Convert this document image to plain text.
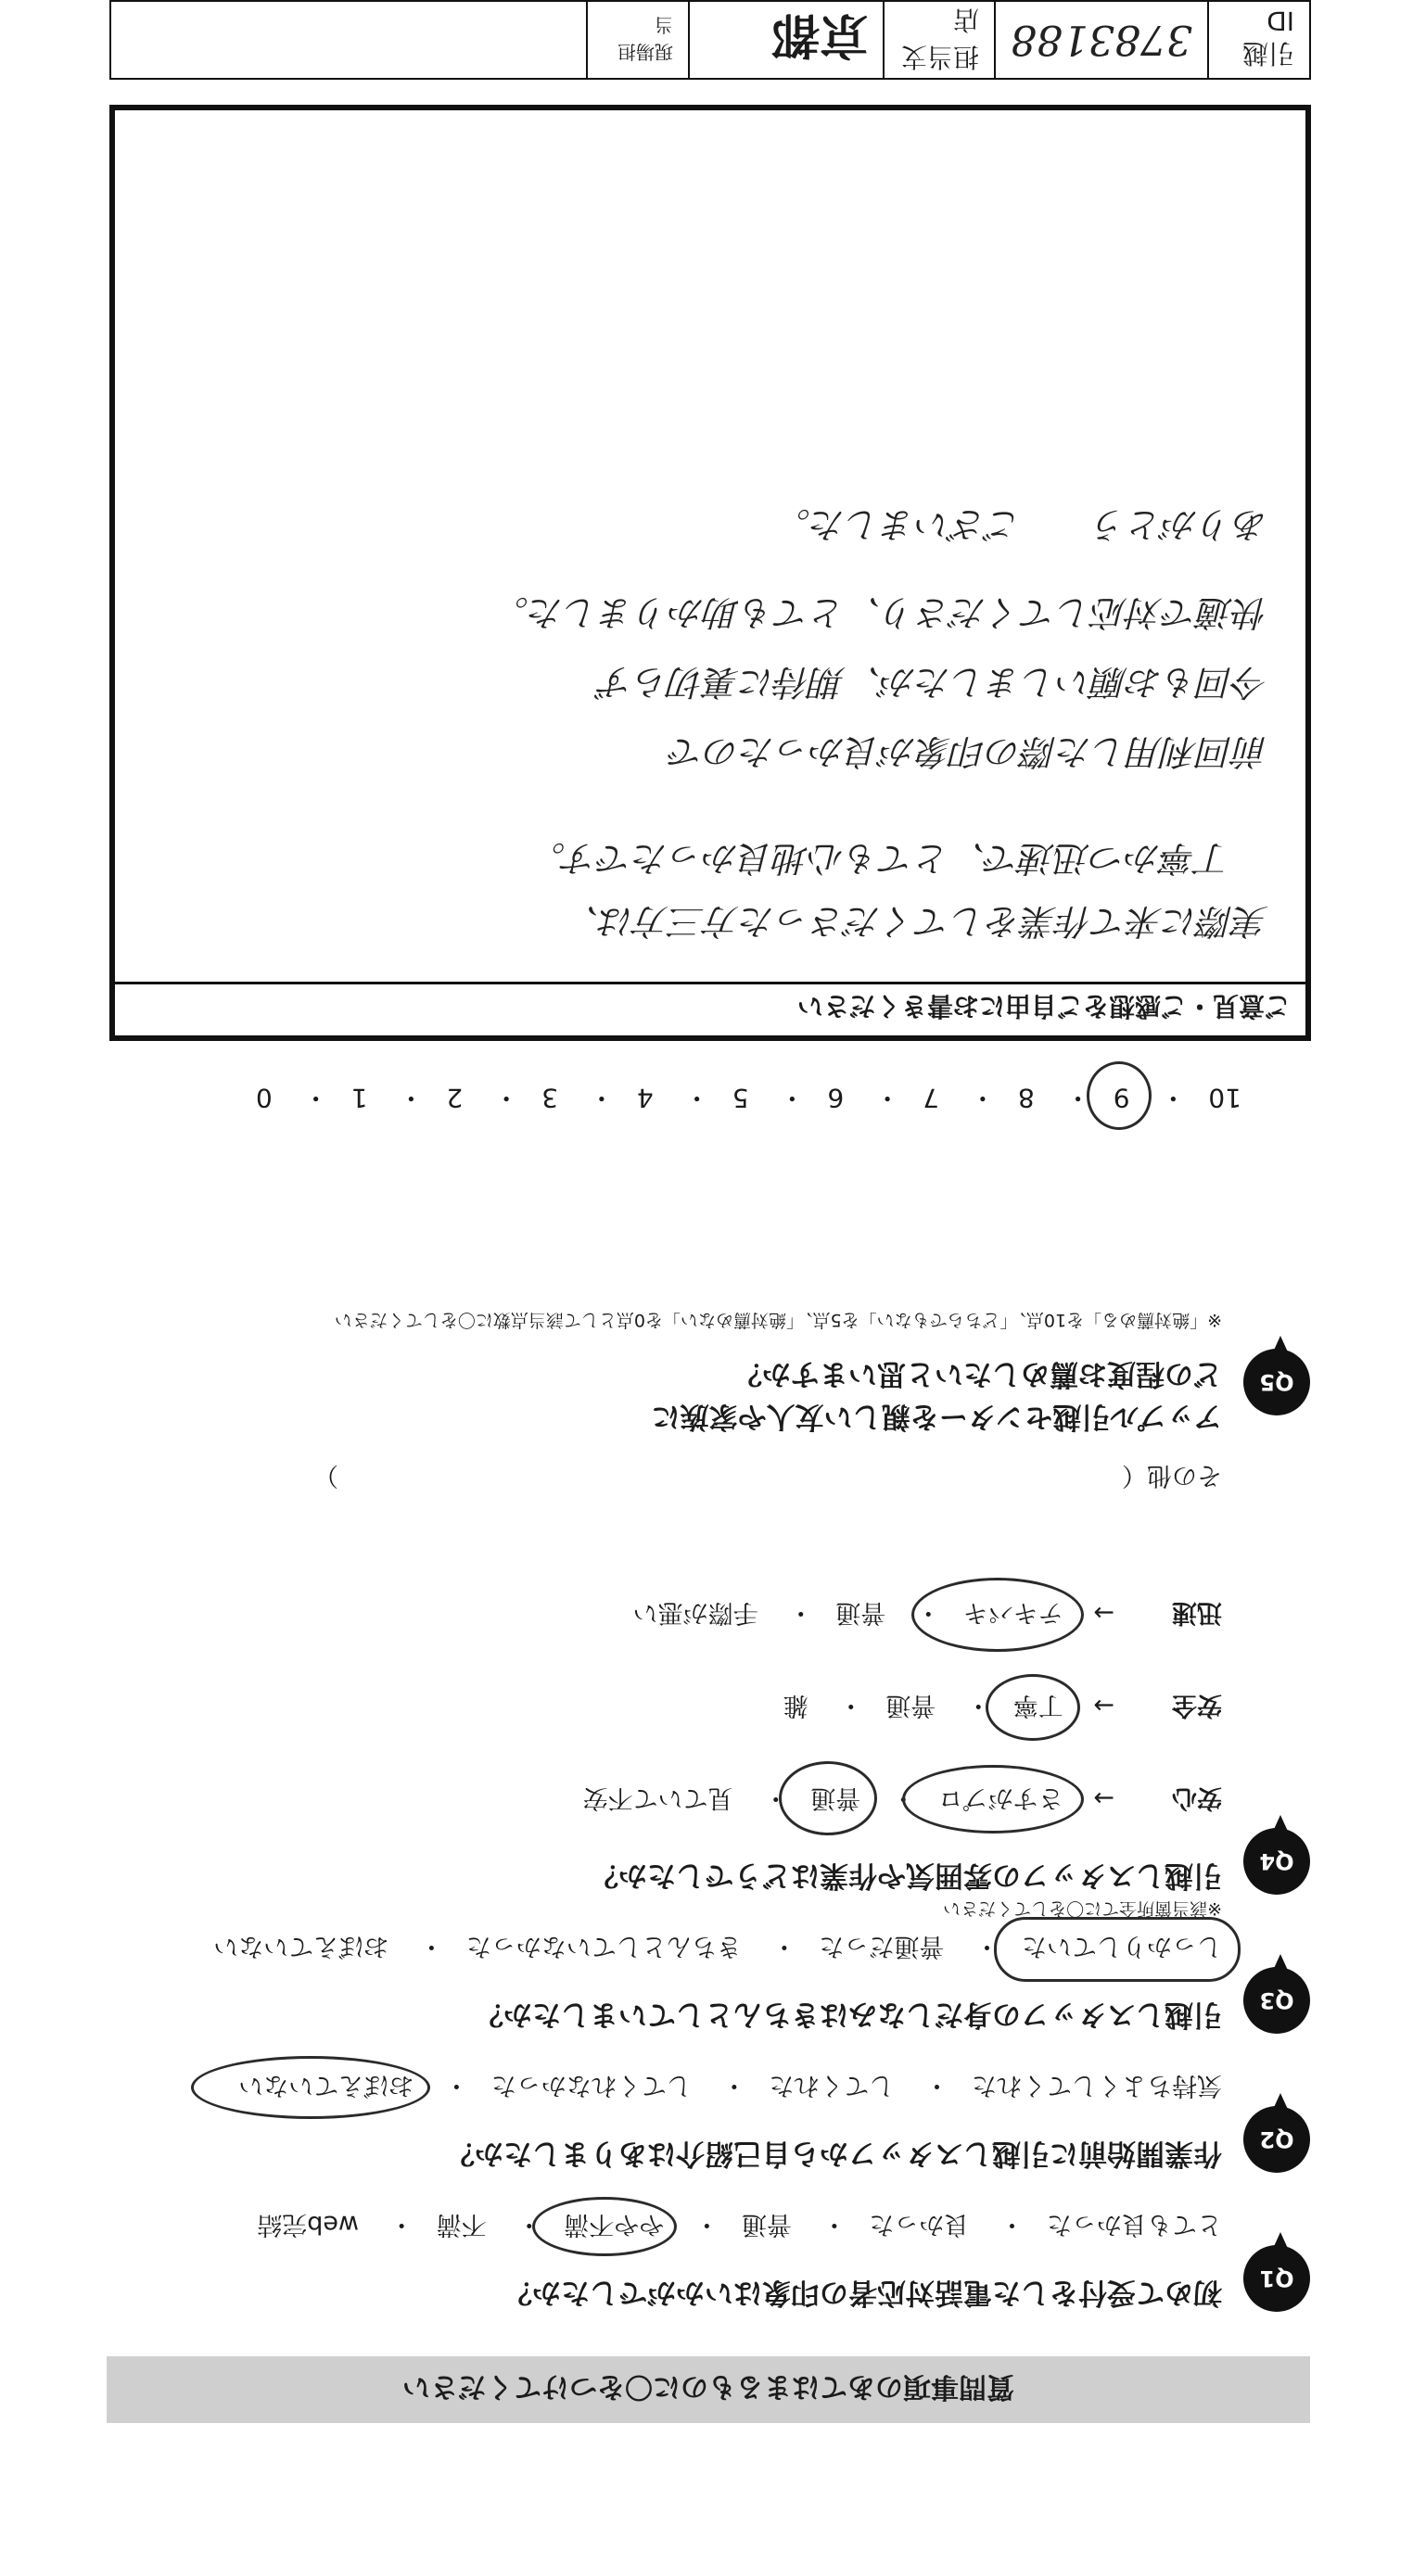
質問事項のあてはまるものに〇をつけてください
Q1
初めて受付をした電話対応者の印象はいかがでしたか？
とても良かった・ 良かった・ 普通・ やや不満
・ 不満・ web完結
Q2
作業開始前に引越しスタッフから自己紹介はありましたか？
気持ちよくしてくれた・ してくれた・ してくれなかった・ おぼえていない
Q3
引越しスタッフの身だしなみはきちんとしていましたか？
しっかりしていた
・ 普通だった・ きちんとしていなかった・ おぼえていない
Q4
引越しスタッフの雰囲気や作業はどうでしたか？
※該当箇所全てに〇をしてください
安心→ さすがプロ
・ 普通
・ 見ていて不安
安全→ 丁寧
・ 普通・ 雑
迅速→ テキパキ
・ 普通・ 手際が悪い
その他（
）
Q5
アップル引越センターを親しい友人や家族に
どの程度お薦めしたいと思いますか？
※「絶対薦める」を10点、「どちらでもない」を5点、「絶対薦めない」を0点として該当点数に〇をしてください
10・ 9
・ 8・ 7・ 6・ 5・ 4・ 3・ 2・ 1・ 0
ご意見・ご感想をご自由にお書きください
実際に来て作業をしてくださった方三方は、
丁寧かつ迅速で、とても心地良かったです。
前回利用した際の印象が良かったので
今回もお願いしましたが、期待に裏切らず
快適で対応してくださり、とても助かりました。
ありがとう　　ございました。
引越ID
3783188
担当支店
京都
現場担当
